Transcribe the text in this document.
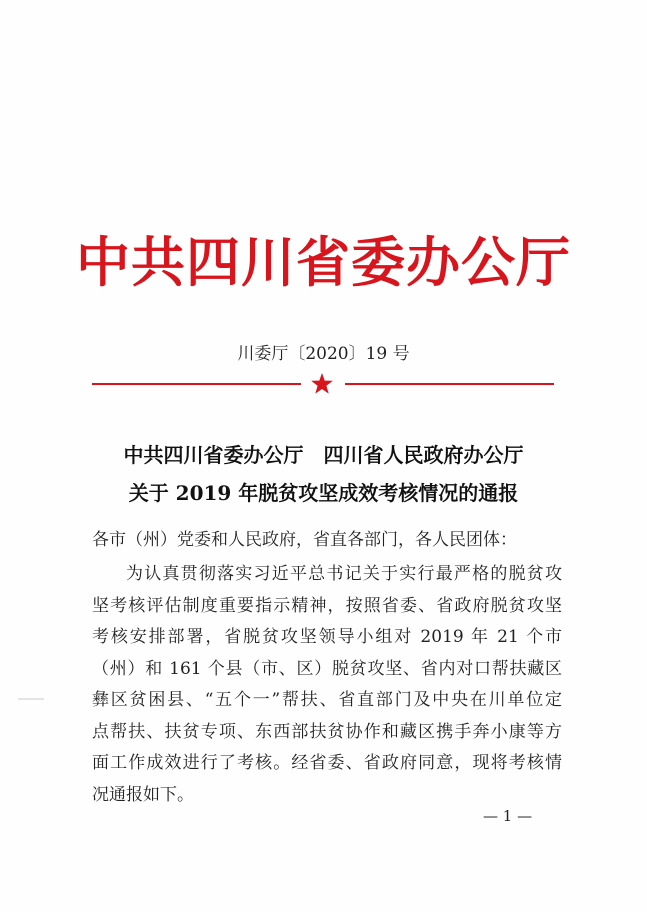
中共四川省委办公厅
川委厅〔2020〕19 号
中共四川省委办公厅　四川省人民政府办公厅
关于 2019 年脱贫攻坚成效考核情况的通报
各市（州）党委和人民政府，省直各部门，各人民团体：
为认真贯彻落实习近平总书记关于实行最严格的脱贫攻
坚考核评估制度重要指示精神，按照省委、省政府脱贫攻坚
考核安排部署，省脱贫攻坚领导小组对 2019 年 21 个市
（州）和 161 个县（市、区）脱贫攻坚、省内对口帮扶藏区
彝区贫困县、“五个一”帮扶、省直部门及中央在川单位定
点帮扶、扶贫专项、东西部扶贫协作和藏区携手奔小康等方
面工作成效进行了考核。经省委、省政府同意，现将考核情
况通报如下。
— 1 —
